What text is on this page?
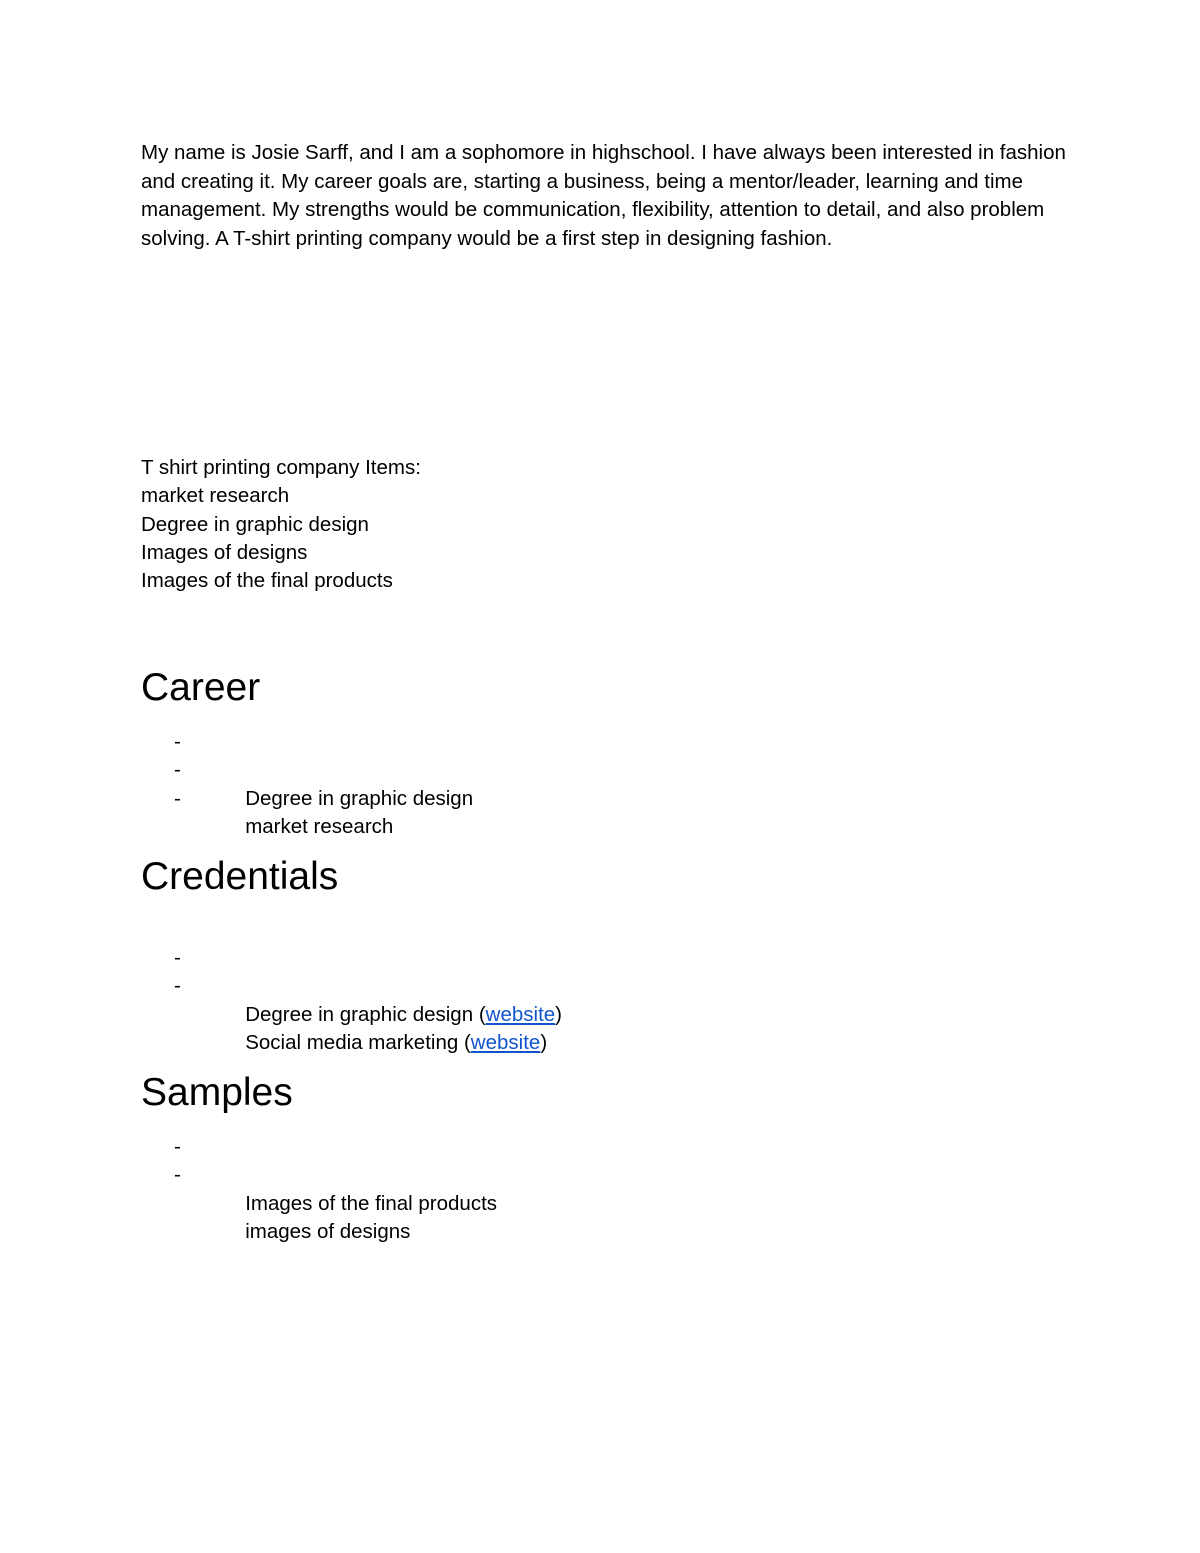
My name is Josie Sarff, and I am a sophomore in highschool. I have always been interested in fashion and creating it. My career goals are, starting a business, being a mentor/leader, learning and time management. My strengths would be communication, flexibility, attention to detail, and also problem solving. A T-shirt printing company would be a first step in designing fashion.

T shirt printing company Items:
market research
Degree in graphic design
Images of designs
Images of the final products
Career

-

Degree in graphic design

-

market research

-

Credentials

-

Degree in graphic design (website)

-

Social media marketing (website)

Samples

-

Images of the final products

-

images of designs
